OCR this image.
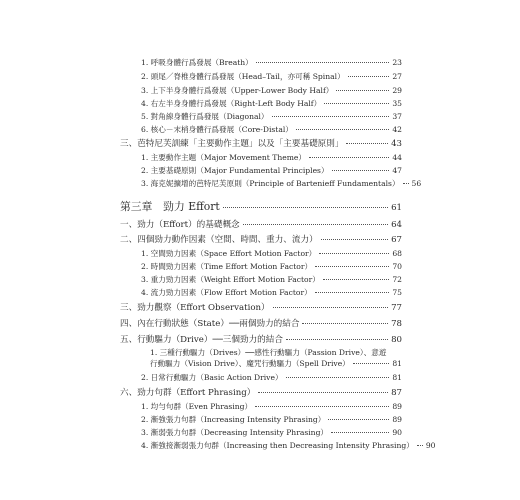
1. 呼吸身體行爲發展（Breath）	23
2. 頭尾／脊椎身體行爲發展（Head–Tail，亦可稱 Spinal）	27
3. 上下半身身體行爲發展（Upper-Lower Body Half）	29
4. 右左半身身體行爲發展（Right-Left Body Half）	35
5. 對角線身體行爲發展（Diagonal）	37
6. 核心－末梢身體行爲發展（Core-Distal）	42
三、芭特尼芙訓練「主要動作主題」以及「主要基礎原則」	43
1. 主要動作主題（Major Movement Theme）	44
2. 主要基礎原則（Major Fundamental Principles）	47
3. 海克妮擴增的芭特尼芙原則（Principle of Bartenieff Fundamentals） 56
第三章　勁力 Effort	61
一、勁力（Effort）的基礎概念	64
二、四個勁力動作因素（空間、時間、重力、流力）	67
1. 空間勁力因素（Space Effort Motion Factor）	68
2. 時間勁力因素（Time Effort Motion Factor）	70
3. 重力勁力因素（Weight Effort Motion Factor）	72
4. 流力勁力因素（Flow Effort Motion Factor）	75
三、勁力觀察（Effort Observation）	77
四、內在行動狀態（State）──兩個勁力的結合	78
五、行動驅力（Drive）──三個勁力的結合	80
1. 三種行動驅力（Drives）──感性行動驅力（Passion Drive）、意遊
行動驅力（Vision Drive）、魔咒行動驅力（Spell Drive）	81
2. 日常行動驅力（Basic Action Drive）	81
六、勁力句群（Effort Phrasing）	87
1. 均勻句群（Even Phrasing）	89
2. 漸強張力句群（Increasing Intensity Phrasing）	89
3. 漸弱張力句群（Decreasing Intensity Phrasing）	90
4. 漸強接漸弱張力句群（Increasing then Decreasing Intensity Phrasing） 90
